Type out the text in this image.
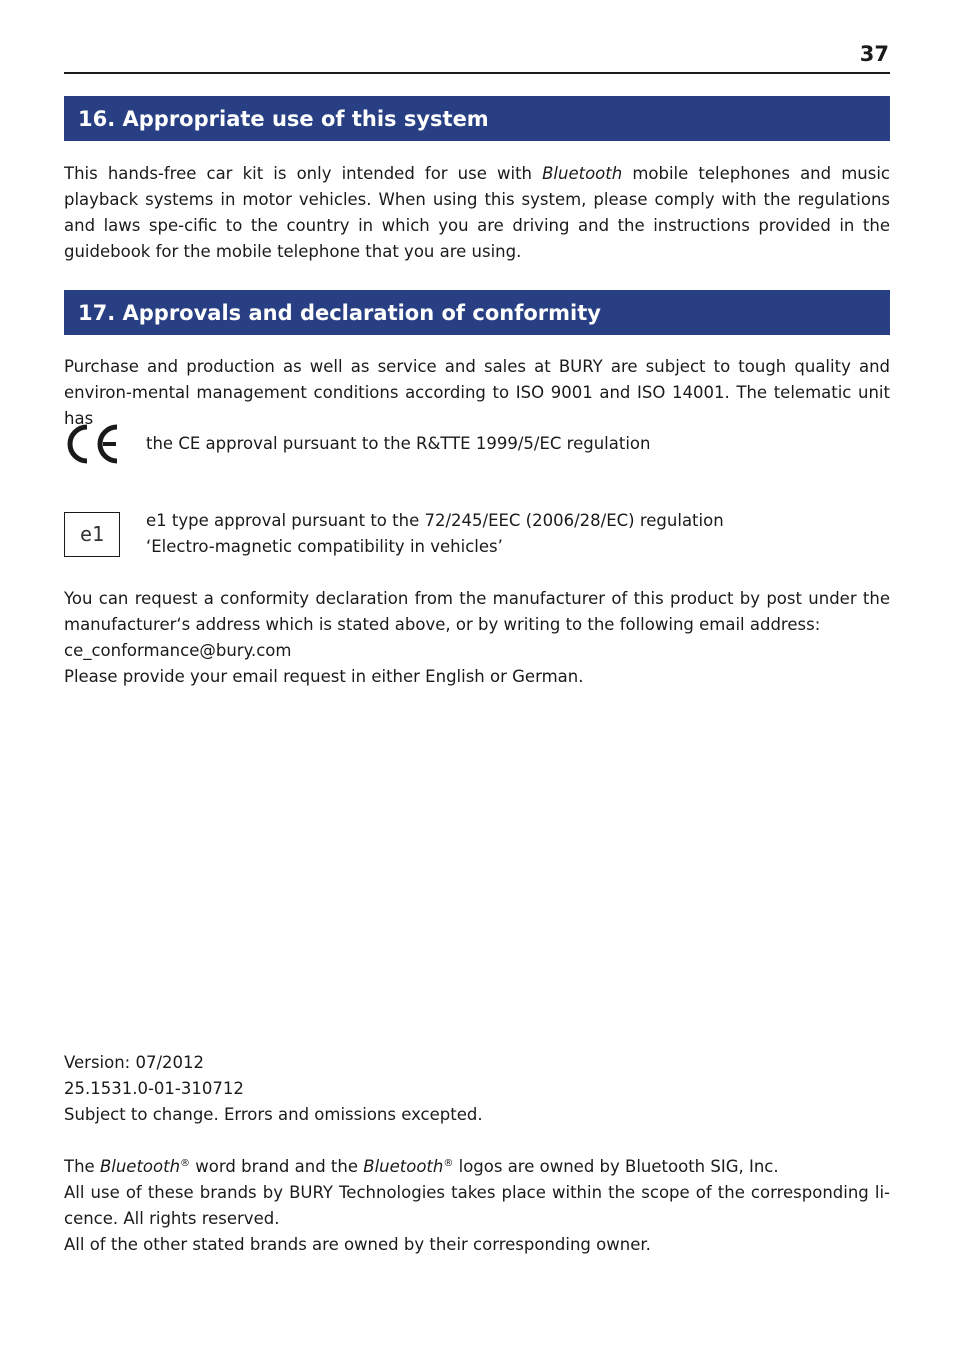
37
16. Appropriate use of this system

This hands-free car kit is only intended for use with Bluetooth mobile telephones and music playback systems in motor vehicles. When using this system, please comply with the regulations and laws spe-cific to the country in which you are driving and the instructions provided in the guidebook for the mobile telephone that you are using.

17. Approvals and declaration of conformity

Purchase and production as well as service and sales at BURY are subject to tough quality and environ-mental management conditions according to ISO 9001 and ISO 14001. The telematic unit has

the CE approval pursuant to the R&TTE 1999/5/EC regulation
e1
e1 type approval pursuant to the 72/245/EEC (2006/28/EC) regulation
‘Electro-magnetic compatibility in vehicles’

You can request a conformity declaration from the manufacturer of this product by post under the manufacturer‘s address which is stated above, or by writing to the following email address:
ce_conformance@bury.com
Please provide your email request in either English or German.

Version: 07/2012
25.1531.0-01-310712
Subject to change. Errors and omissions excepted.

The Bluetooth® word brand and the Bluetooth® logos are owned by Bluetooth SIG, Inc.
All use of these brands by BURY Technologies takes place within the scope of the corresponding li-cence. All rights reserved.
All of the other stated brands are owned by their corresponding owner.
